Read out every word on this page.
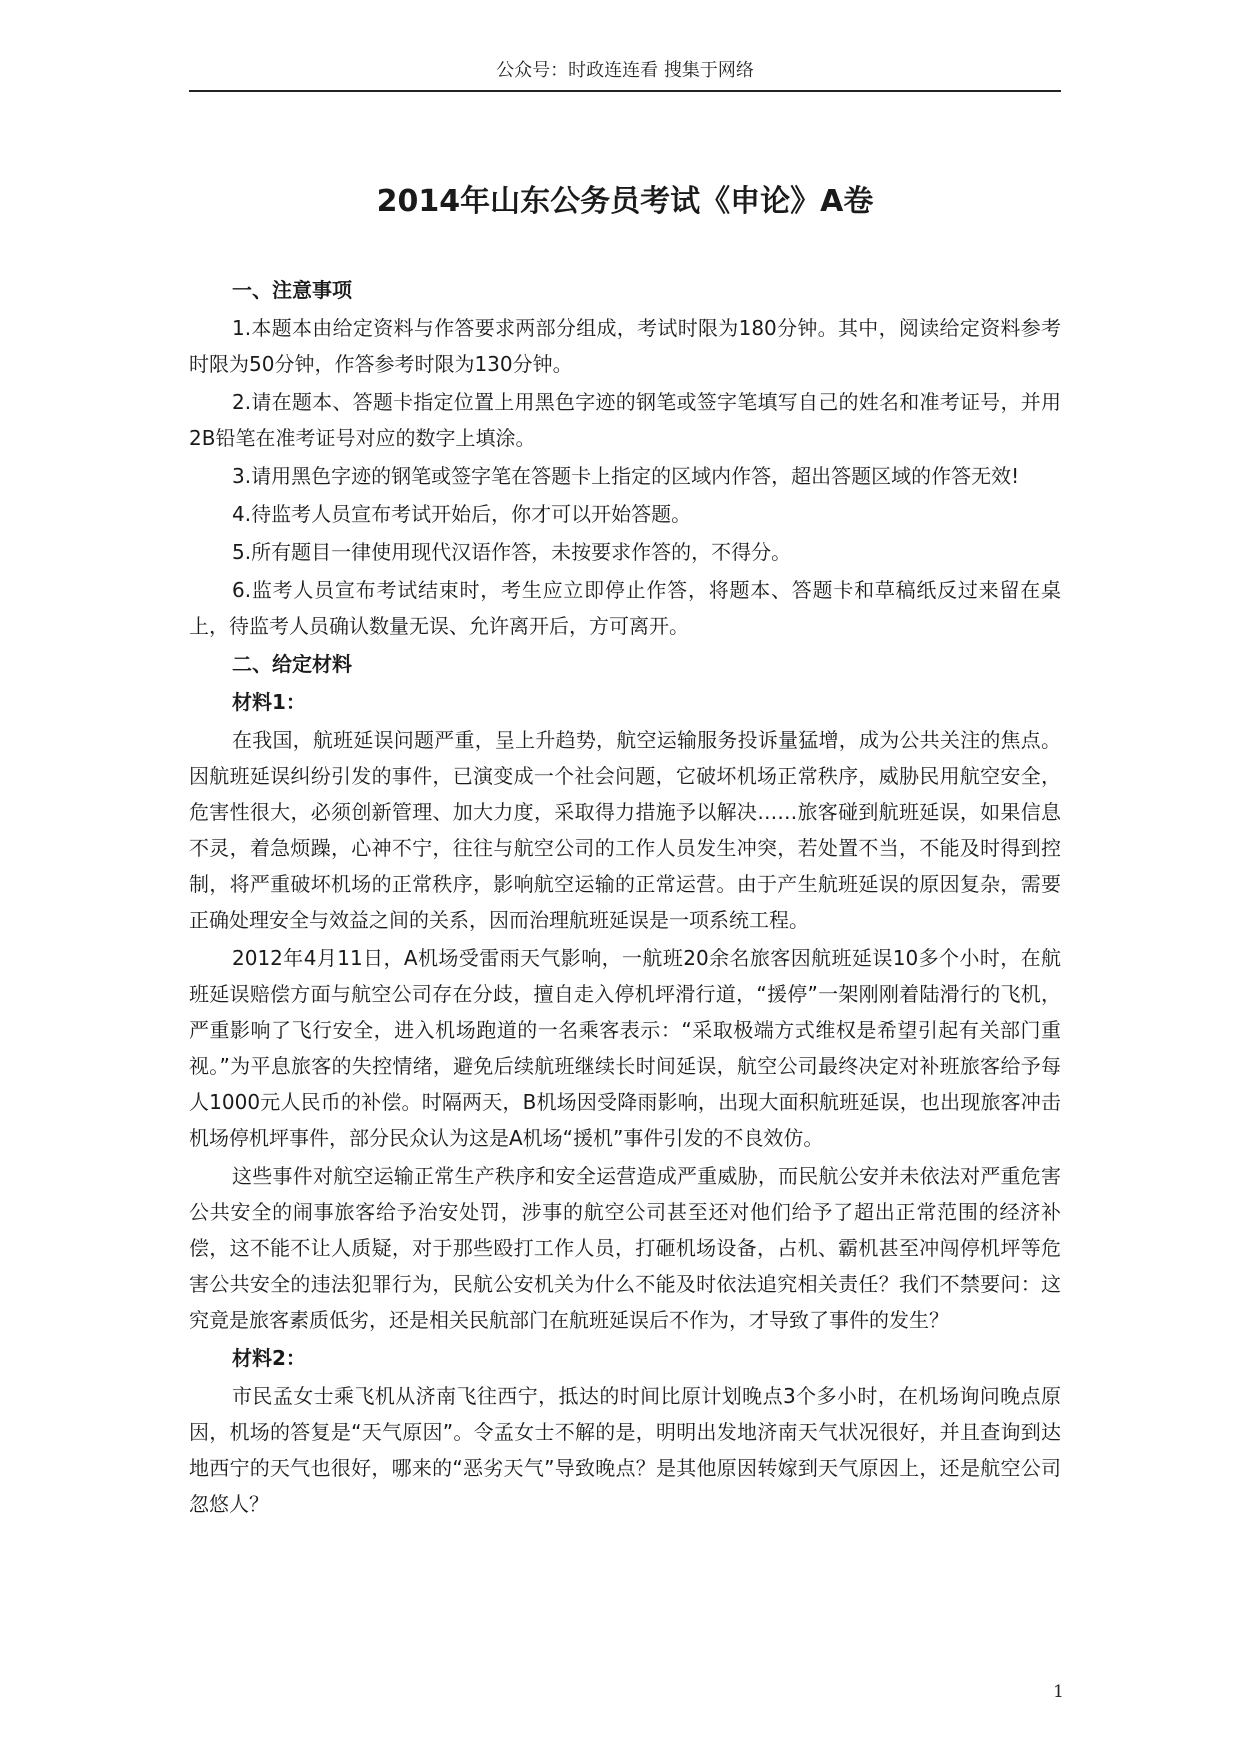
公众号：时政连连看 搜集于网络
2014年山东公务员考试《申论》A卷

一、注意事项

1.本题本由给定资料与作答要求两部分组成，考试时限为180分钟。其中，阅读给定资料参考时限为50分钟，作答参考时限为130分钟。

2.请在题本、答题卡指定位置上用黑色字迹的钢笔或签字笔填写自己的姓名和准考证号，并用2B铅笔在准考证号对应的数字上填涂。

3.请用黑色字迹的钢笔或签字笔在答题卡上指定的区域内作答，超出答题区域的作答无效!

4.待监考人员宣布考试开始后，你才可以开始答题。

5.所有题目一律使用现代汉语作答，未按要求作答的，不得分。

6.监考人员宣布考试结束时，考生应立即停止作答，将题本、答题卡和草稿纸反过来留在桌上，待监考人员确认数量无误、允许离开后，方可离开。

二、给定材料

材料1：

在我国，航班延误问题严重，呈上升趋势，航空运输服务投诉量猛增，成为公共关注的焦点。因航班延误纠纷引发的事件，已演变成一个社会问题，它破坏机场正常秩序，威胁民用航空安全，危害性很大，必须创新管理、加大力度，采取得力措施予以解决……旅客碰到航班延误，如果信息不灵，着急烦躁，心神不宁，往往与航空公司的工作人员发生冲突，若处置不当，不能及时得到控制，将严重破坏机场的正常秩序，影响航空运输的正常运营。由于产生航班延误的原因复杂，需要正确处理安全与效益之间的关系，因而治理航班延误是一项系统工程。

2012年4月11日，A机场受雷雨天气影响，一航班20余名旅客因航班延误10多个小时，在航班延误赔偿方面与航空公司存在分歧，擅自走入停机坪滑行道，“援停”一架刚刚着陆滑行的飞机，严重影响了飞行安全，进入机场跑道的一名乘客表示：“采取极端方式维权是希望引起有关部门重视。”为平息旅客的失控情绪，避免后续航班继续长时间延误，航空公司最终决定对补班旅客给予每人1000元人民币的补偿。时隔两天，B机场因受降雨影响，出现大面积航班延误，也出现旅客冲击机场停机坪事件，部分民众认为这是A机场“援机”事件引发的不良效仿。

这些事件对航空运输正常生产秩序和安全运营造成严重威胁，而民航公安并未依法对严重危害公共安全的闹事旅客给予治安处罚，涉事的航空公司甚至还对他们给予了超出正常范围的经济补偿，这不能不让人质疑，对于那些殴打工作人员，打砸机场设备，占机、霸机甚至冲闯停机坪等危害公共安全的违法犯罪行为，民航公安机关为什么不能及时依法追究相关责任？我们不禁要问：这究竟是旅客素质低劣，还是相关民航部门在航班延误后不作为，才导致了事件的发生？

材料2：

市民孟女士乘飞机从济南飞往西宁，抵达的时间比原计划晚点3个多小时，在机场询问晚点原因，机场的答复是“天气原因”。令孟女士不解的是，明明出发地济南天气状况很好，并且查询到达地西宁的天气也很好，哪来的“恶劣天气”导致晚点？是其他原因转嫁到天气原因上，还是航空公司忽悠人？

1
